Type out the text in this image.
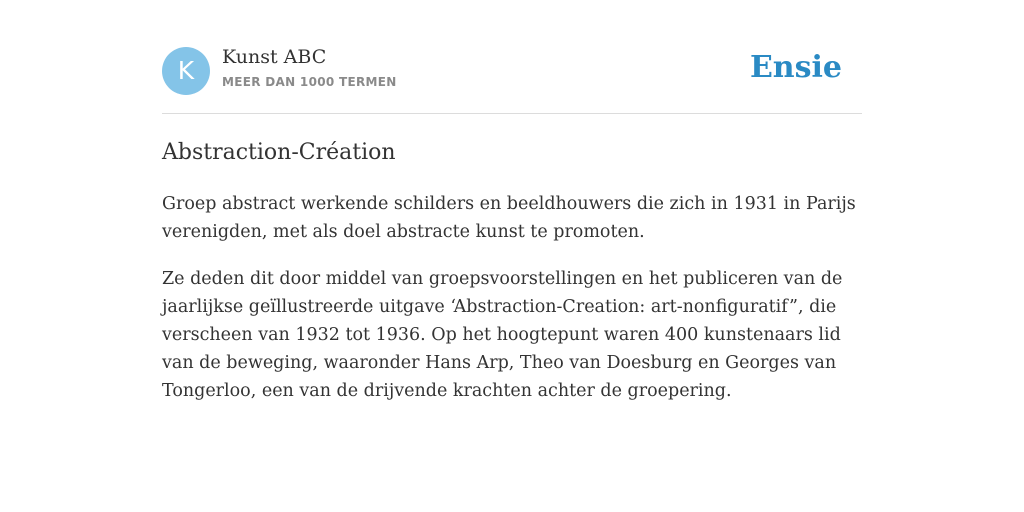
K	Kunst ABC
MEER DAN 1000 TERMEN	Ensie
Abstraction-Création

Groep abstract werkende schilders en beeldhouwers die zich in 1931 in Parijs verenigden, met als doel abstracte kunst te promoten.

Ze deden dit door middel van groepsvoorstellingen en het publiceren van de jaarlijkse geïllustreerde uitgave ‘Abstraction-Creation: art-nonfiguratif”, die verscheen van 1932 tot 1936. Op het hoogtepunt waren 400 kunstenaars lid van de beweging, waaronder Hans Arp, Theo van Doesburg en Georges van Tongerloo, een van de drijvende krachten achter de groepering.
